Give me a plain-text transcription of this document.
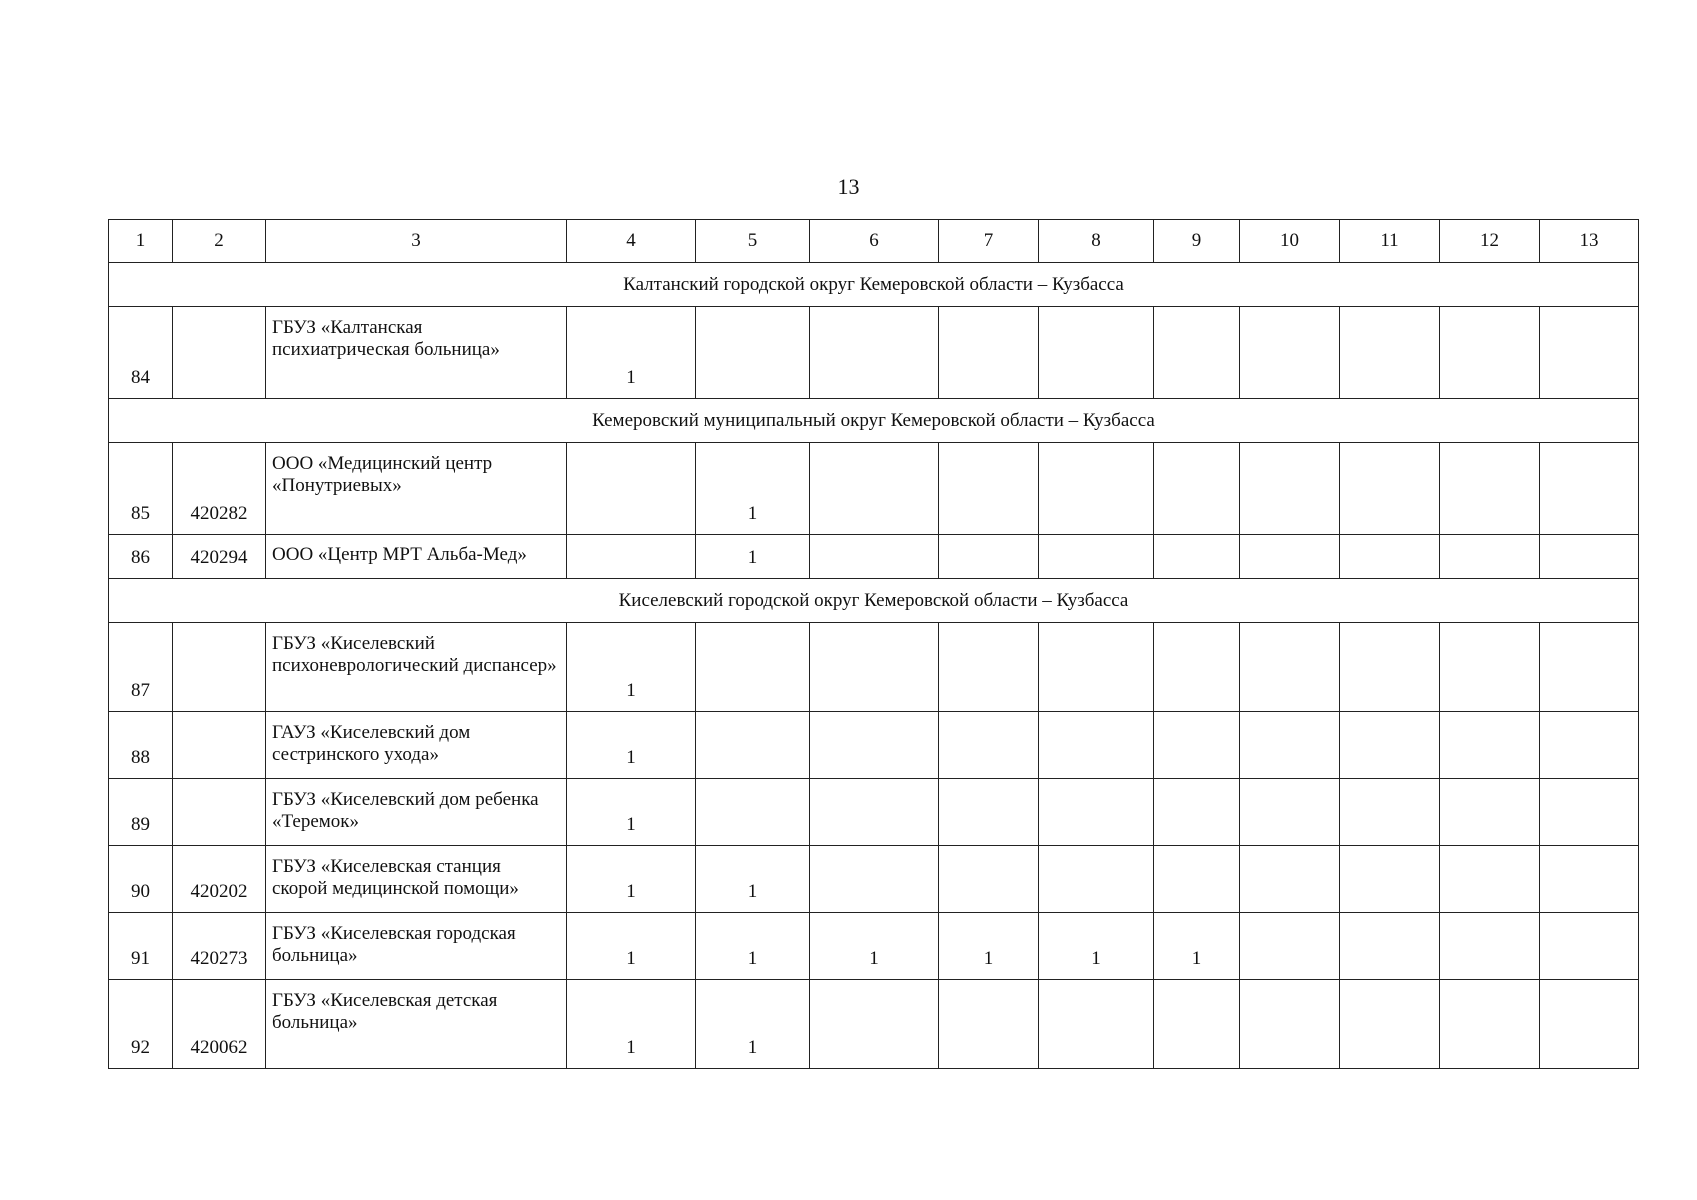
13
1	2	3	4	5	6	7	8	9	10	11	12	13
Калтанский городской округ Кемеровской области – Кузбасса												
84		ГБУЗ «Калтанская психиатрическая больница»	1									
Кемеровский муниципальный округ Кемеровской области – Кузбасса												
85	420282	ООО «Медицинский центр «Понутриевых»		1								
86	420294	ООО «Центр МРТ Альба-Мед»		1								
Киселевский городской округ Кемеровской области – Кузбасса												
87		ГБУЗ «Киселевский психоневрологический диспансер»	1									
88		ГАУЗ «Киселевский дом сестринского ухода»	1									
89		ГБУЗ «Киселевский дом ребенка «Теремок»	1									
90	420202	ГБУЗ «Киселевская станция скорой медицинской помощи»	1	1								
91	420273	ГБУЗ «Киселевская городская больница»	1	1	1	1	1	1				
92	420062	ГБУЗ «Киселевская детская больница»	1	1								
